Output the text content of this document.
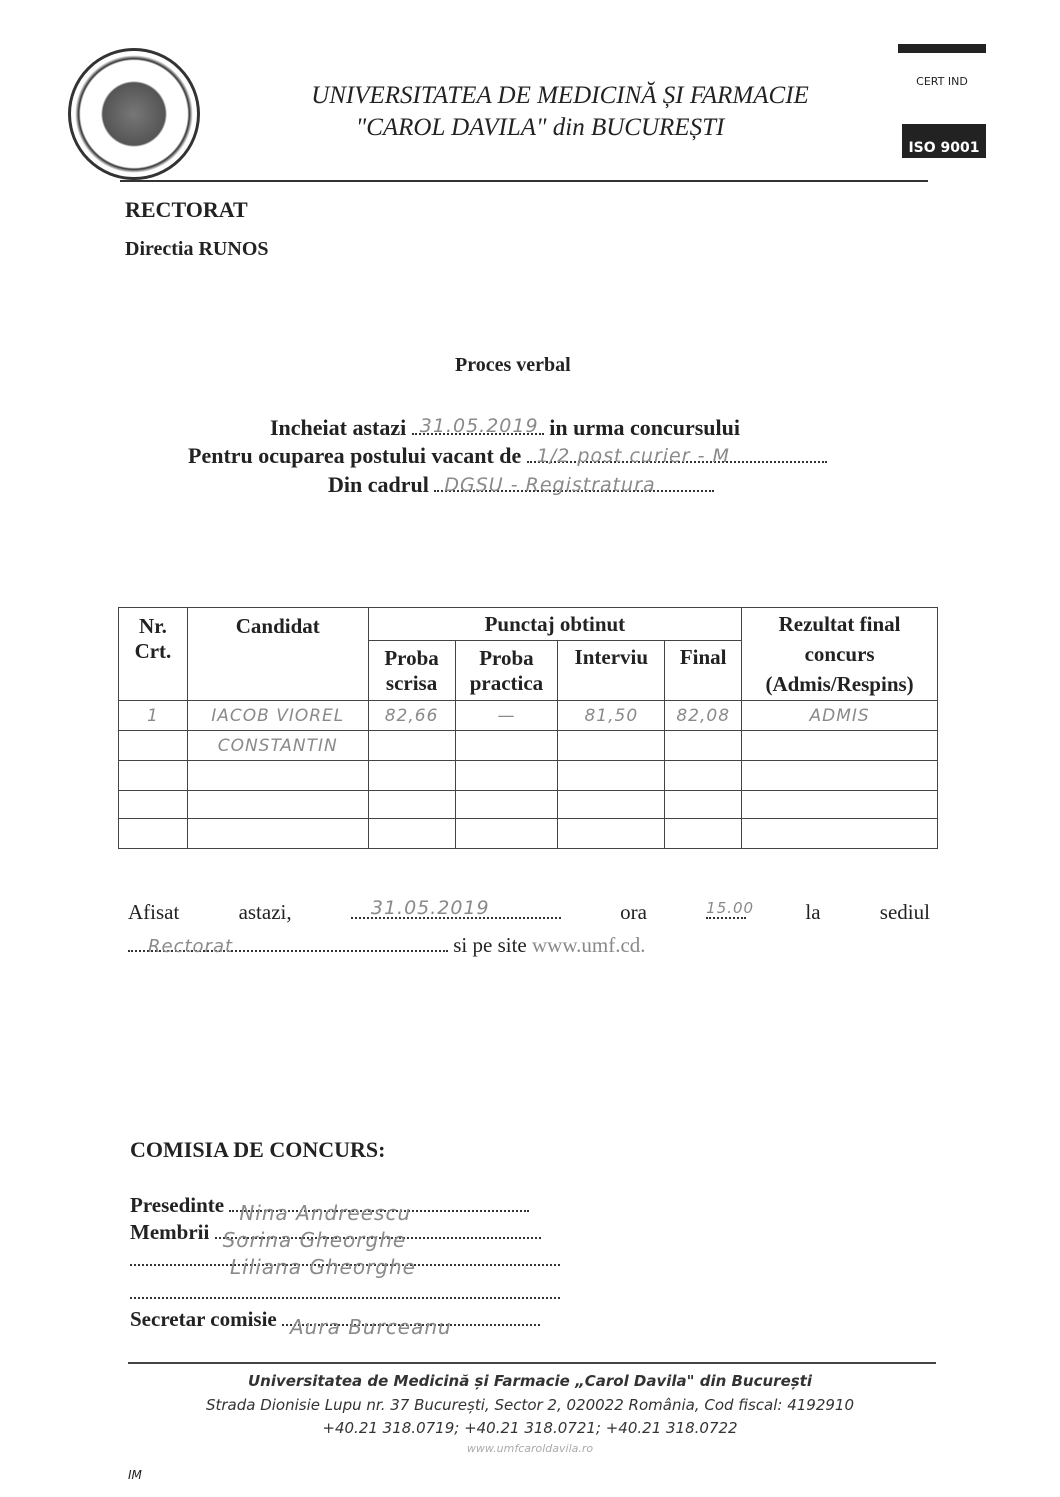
UNIVERSITATEA DE MEDICINĂ ȘI FARMACIE
"CAROL DAVILA" din BUCUREȘTI
CERT IND
ISO 9001
RECTORAT
Directia RUNOS
Proces verbal
Incheiat astazi 31.05.2019 in urma concursului
Pentru ocuparea postului vacant de 1/2 post curier - M
Din cadrul DGSU - Registratura
Nr. Crt.	Candidat	Punctaj obtinut				Rezultat final concurs (Admis/Respins)
		Proba scrisa	Proba practica	Interviu	Final	
1	IACOB VIOREL	82,66	—	81,50	82,08	ADMIS
	CONSTANTIN					

Afisat	astazi,	31.05.2019	ora	15.00 la	sediul
Rectorat	si pe site www.umf.cd.
COMISIA DE CONCURS:
Presedinte Nina Andreescu
Membrii Sorina Gheorghe
Liliana Gheorghe
Secretar comisie Aura Burceanu
Universitatea de Medicină și Farmacie „Carol Davila" din București
Strada Dionisie Lupu nr. 37 București, Sector 2, 020022 România, Cod fiscal: 4192910
+40.21 318.0719; +40.21 318.0721; +40.21 318.0722
www.umfcaroldavila.ro
IM
